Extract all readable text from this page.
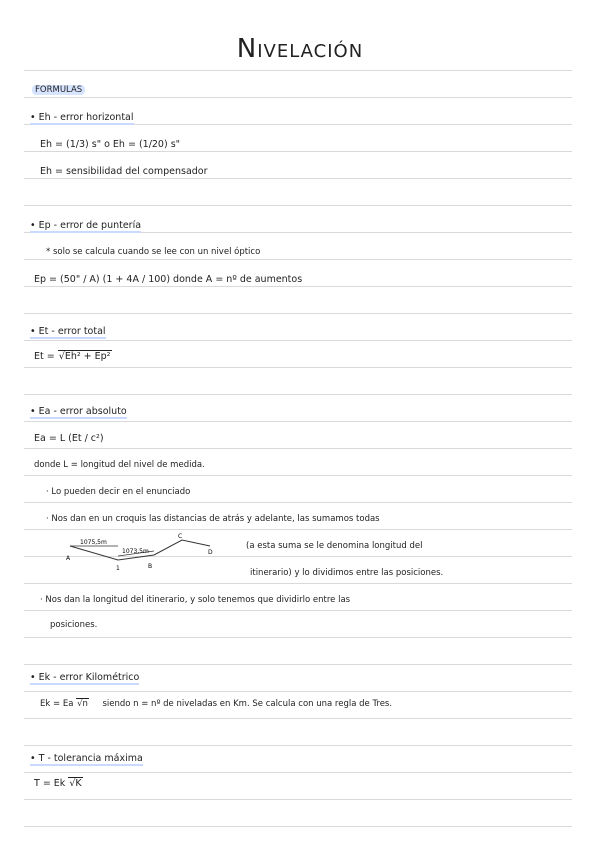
Nivelación
FORMULAS
• Eh - error horizontal
Eh = (1/3) s" o Eh = (1/20) s"
Eh = sensibilidad del compensador
• Ep - error de puntería
* solo se calcula cuando se lee con un nivel óptico
Ep = (50" / A) (1 + 4A / 100) donde A = nº de aumentos
• Et - error total
Et = √Eh² + Ep²
• Ea - error absoluto
Ea = L (Et / c²)
donde L = longitud del nivel de medida.
· Lo pueden decir en el enunciado
· Nos dan en un croquis las distancias de atrás y adelante, las sumamos todas
1075,5m
1073,5m
A
1	B
C
D
(a esta suma se le denomina longitud del
itinerario) y lo dividimos entre las posiciones.
· Nos dan la longitud del itinerario, y solo tenemos que dividirlo entre las
posiciones.
• Ek - error Kilométrico
Ek = Ea √n siendo n = nº de niveladas en Km. Se calcula con una regla de Tres.
• T - tolerancia máxima
T = Ek √K
